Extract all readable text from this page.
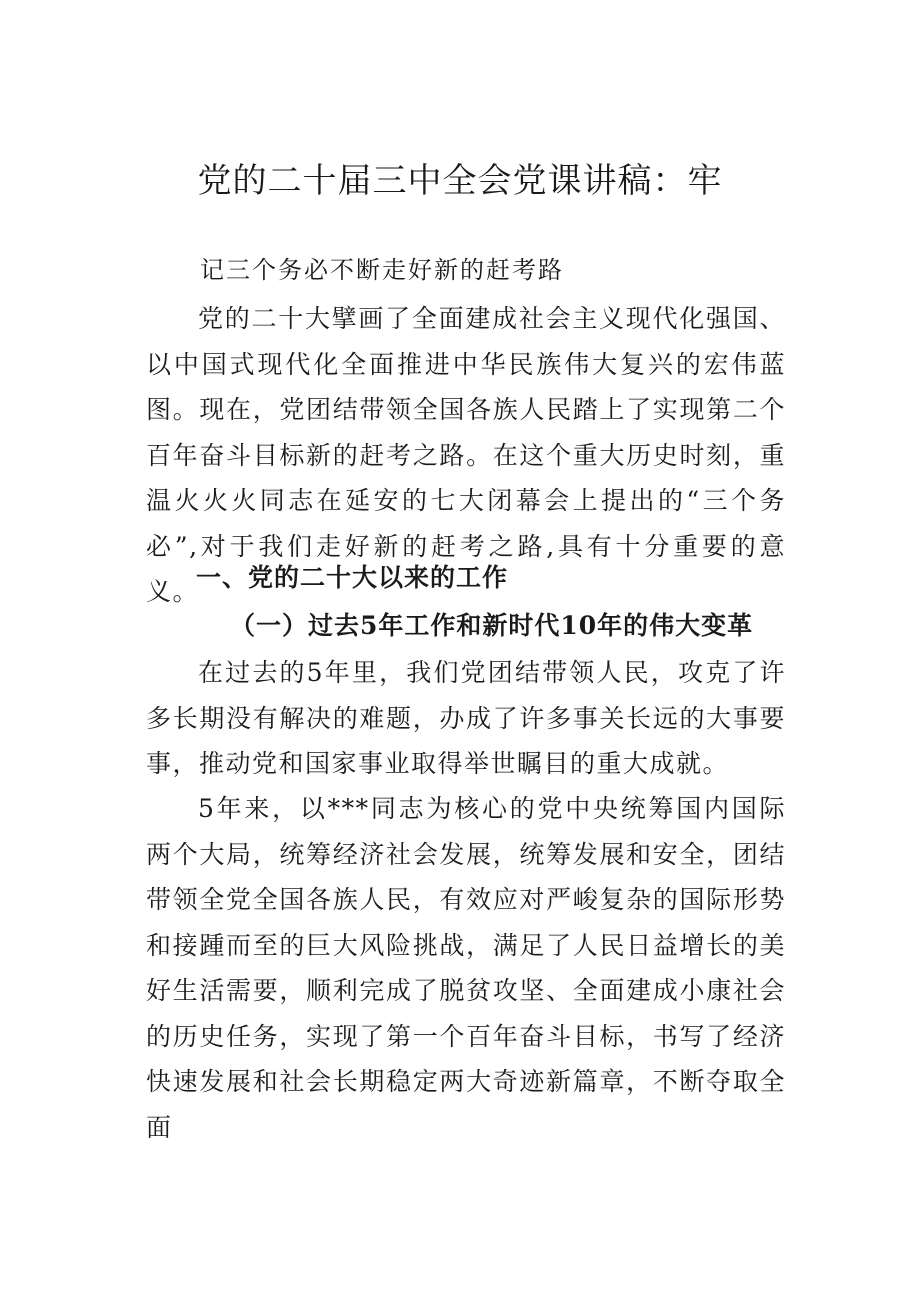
党的二十届三中全会党课讲稿：牢

记三个务必不断走好新的赶考路

党的二十大擘画了全面建成社会主义现代化强国、以中国式现代化全面推进中华民族伟大复兴的宏伟蓝图。现在，党团结带领全国各族人民踏上了实现第二个百年奋斗目标新的赶考之路。在这个重大历史时刻，重温火火火同志在延安的七大闭幕会上提出的“三个务必”,对于我们走好新的赶考之路,具有十分重要的意义。

一、党的二十大以来的工作
（一）过去5年工作和新时代10年的伟大变革

在过去的5年里，我们党团结带领人民，攻克了许多长期没有解决的难题，办成了许多事关长远的大事要事，推动党和国家事业取得举世瞩目的重大成就。

5年来，以***同志为核心的党中央统筹国内国际两个大局，统筹经济社会发展，统筹发展和安全，团结带领全党全国各族人民，有效应对严峻复杂的国际形势和接踵而至的巨大风险挑战，满足了人民日益增长的美好生活需要，顺利完成了脱贫攻坚、全面建成小康社会的历史任务，实现了第一个百年奋斗目标，书写了经济快速发展和社会长期稳定两大奇迹新篇章，不断夺取全面
